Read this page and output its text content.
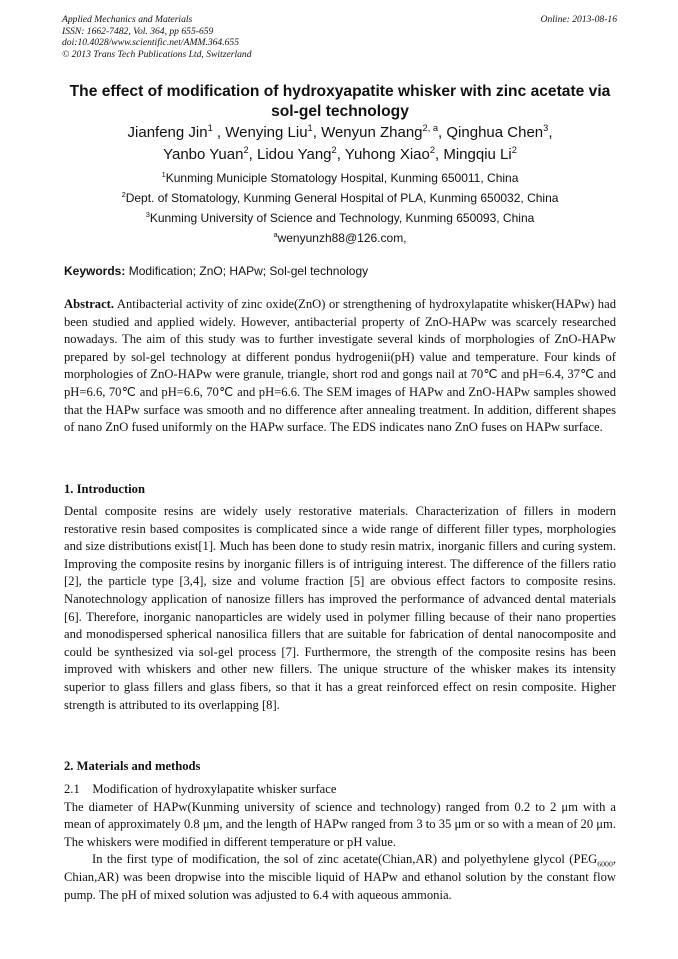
Applied Mechanics and Materials
ISSN: 1662-7482, Vol. 364, pp 655-659
doi:10.4028/www.scientific.net/AMM.364.655
© 2013 Trans Tech Publications Ltd, Switzerland
Online: 2013-08-16
The effect of modification of hydroxyapatite whisker with zinc acetate via sol-gel technology
Jianfeng Jin$^1$ , Wenying Liu$^1$, Wenyun Zhang$^{2, a}$, Qinghua Chen$^3$,
Yanbo Yuan$^2$, Lidou Yang$^2$, Yuhong Xiao$^2$, Mingqiu Li$^2$
$^1$Kunming Municiple Stomatology Hospital, Kunming 650011, China
$^2$Dept. of Stomatology, Kunming General Hospital of PLA, Kunming 650032, China
$^3$Kunming University of Science and Technology, Kunming 650093, China
$^a$wenyunzh88@126.com,
Keywords: Modification; ZnO; HAPw; Sol-gel technology
Abstract. Antibacterial activity of zinc oxide(ZnO) or strengthening of hydroxylapatite whisker(HAPw) had been studied and applied widely. However, antibacterial property of ZnO-HAPw was scarcely researched nowadays. The aim of this study was to further investigate several kinds of morphologies of ZnO-HAPw prepared by sol-gel technology at different pondus hydrogenii(pH) value and temperature. Four kinds of morphologies of ZnO-HAPw were granule, triangle, short rod and gongs nail at 70℃ and pH=6.4, 37℃ and pH=6.6, 70℃ and pH=6.6, 70℃ and pH=6.6. The SEM images of HAPw and ZnO-HAPw samples showed that the HAPw surface was smooth and no difference after annealing treatment. In addition, different shapes of nano ZnO fused uniformly on the HAPw surface. The EDS indicates nano ZnO fuses on HAPw surface.
1. Introduction
Dental composite resins are widely usely restorative materials. Characterization of fillers in modern restorative resin based composites is complicated since a wide range of different filler types, morphologies and size distributions exist[1]. Much has been done to study resin matrix, inorganic fillers and curing system. Improving the composite resins by inorganic fillers is of intriguing interest. The difference of the fillers ratio [2], the particle type [3,4], size and volume fraction [5] are obvious effect factors to composite resins. Nanotechnology application of nanosize fillers has improved the performance of advanced dental materials [6]. Therefore, inorganic nanoparticles are widely used in polymer filling because of their nano properties and monodispersed spherical nanosilica fillers that are suitable for fabrication of dental nanocomposite and could be synthesized via sol-gel process [7]. Furthermore, the strength of the composite resins has been improved with whiskers and other new fillers. The unique structure of the whisker makes its intensity superior to glass fillers and glass fibers, so that it has a great reinforced effect on resin composite. Higher strength is attributed to its overlapping [8].
2. Materials and methods
2.1 Modification of hydroxylapatite whisker surface

The diameter of HAPw(Kunming university of science and technology) ranged from 0.2 to 2 μm with a mean of approximately 0.8 μm, and the length of HAPw ranged from 3 to 35 μm or so with a mean of 20 μm. The whiskers were modified in different temperature or pH value.

In the first type of modification, the sol of zinc acetate(Chian,AR) and polyethylene glycol ($PEG_{6000}$, Chian,AR) was been dropwise into the miscible liquid of HAPw and ethanol solution by the constant flow pump. The pH of mixed solution was adjusted to 6.4 with aqueous ammonia.
